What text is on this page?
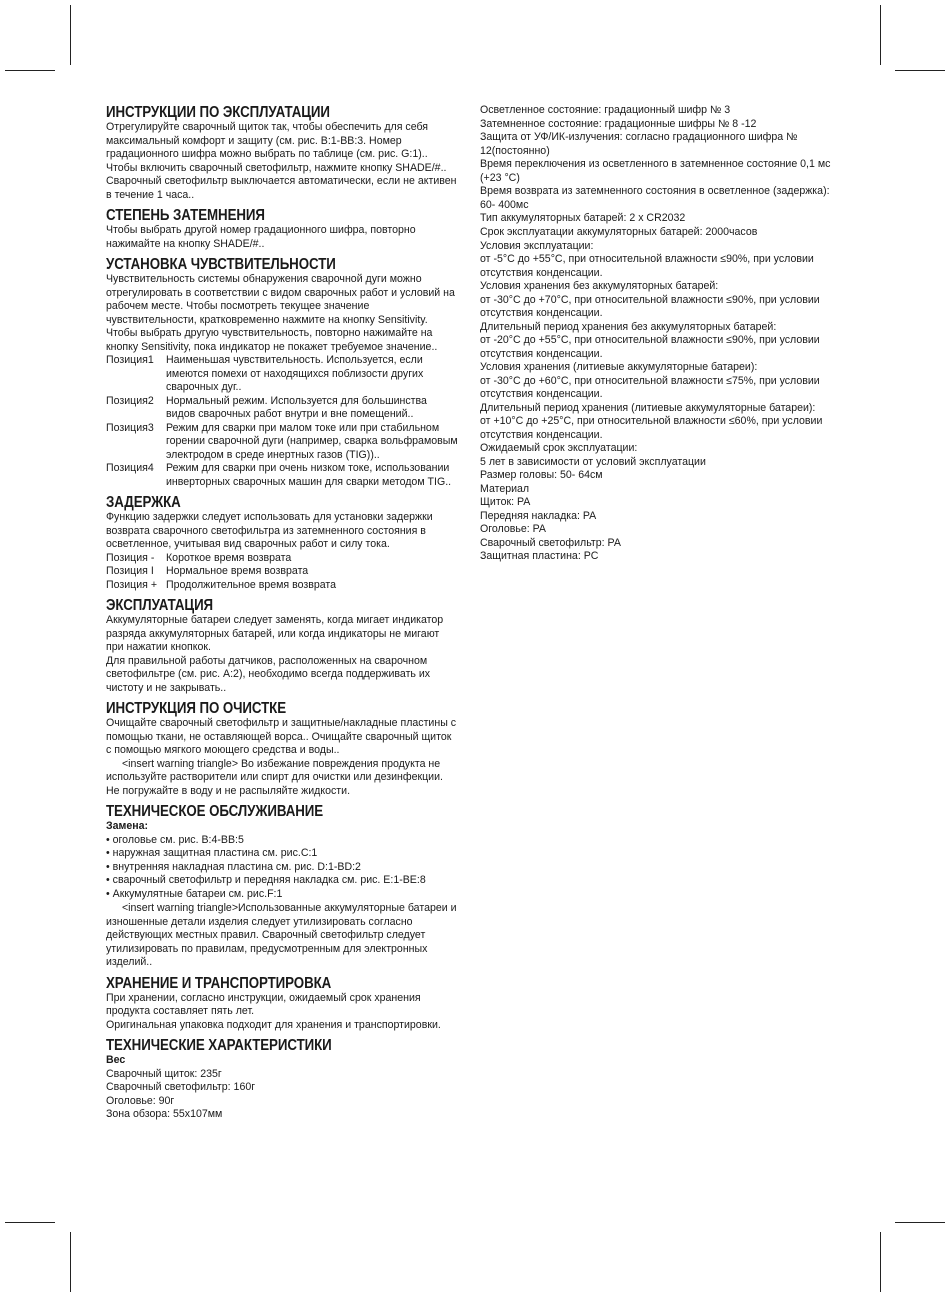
ИНСТРУКЦИИ ПО ЭКСПЛУАТАЦИИ

Отрегулируйте сварочный щиток так, чтобы обеспечить для себя максимальный комфорт и защиту (см. рис. B:1-BB:3. Номер градационного шифра можно выбрать по таблице (см. рис. G:1).. Чтобы включить сварочный светофильтр, нажмите кнопку SHADE/#..

Сварочный светофильтр выключается автоматически, если не активен в течение 1 часа..

СТЕПЕНЬ ЗАТЕМНЕНИЯ

Чтобы выбрать другой номер градационного шифра, повторно нажимайте на кнопку SHADE/#..

УСТАНОВКА ЧУВСТВИТЕЛЬНОСТИ

Чувствительность системы обнаружения сварочной дуги можно отрегулировать в соответствии с видом сварочных работ и условий на рабочем месте. Чтобы посмотреть текущее значение чувствительности, кратковременно нажмите на кнопку Sensitivity. Чтобы выбрать другую чувствительность, повторно нажимайте на кнопку Sensitivity, пока индикатор не покажет требуемое значение..

Позиция1	Наименьшая чувствительность. Используется, если имеются помехи от находящихся поблизости других сварочных дуг..
Позиция2	Нормальный режим. Используется для большинства видов сварочных работ внутри и вне помещений..
Позиция3	Режим для сварки при малом токе или при стабильном горении сварочной дуги (например, сварка вольфрамовым электродом в среде инертных газов (TIG))..
Позиция4	Режим для сварки при очень низком токе, использовании инверторных сварочных машин для сварки методом TIG..
ЗАДЕРЖКА

Функцию задержки следует использовать для установки задержки возврата сварочного светофильтра из затемненного состояния в осветленное, учитывая вид сварочных работ и силу тока.

Позиция -	Короткое время возврата
Позиция I	Нормальное время возврата
Позиция + Продолжительное время возврата
ЭКСПЛУАТАЦИЯ

Аккумуляторные батареи следует заменять, когда мигает индикатор разряда аккумуляторных батарей, или когда индикаторы не мигают при нажатии кнопкок.

Для правильной работы датчиков, расположенных на сварочном светофильтре (см. рис. A:2), необходимо всегда поддерживать их чистоту и не закрывать..

ИНСТРУКЦИЯ ПО ОЧИСТКЕ

Очищайте сварочный светофильтр и защитные/накладные пластины с помощью ткани, не оставляющей ворса.. Очищайте сварочный щиток с помощью мягкого моющего средства и воды..

<insert warning triangle> Во избежание повреждения продукта не используйте растворители или спирт для очистки или дезинфекции. Не погружайте в воду и не распыляйте жидкости.

ТЕХНИЧЕСКОЕ ОБСЛУЖИВАНИЕ

Замена:

• оголовье см. рис. B:4-BB:5

• наружная защитная пластина см. рис.C:1

• внутренняя накладная пластина см. рис. D:1-BD:2

• сварочный светофильтр и передняя накладка см. рис. E:1-BE:8

• Аккумулятные батареи см. рис.F:1

<insert warning triangle>Использованные аккумуляторные батареи и изношенные детали изделия следует утилизировать согласно действующих местных правил. Сварочный светофильтр следует утилизировать по правилам, предусмотренным для электронных изделий..

ХРАНЕНИЕ И ТРАНСПОРТИРОВКА

При хранении, согласно инструкции, ожидаемый срок хранения продукта составляет пять лет.

Оригинальная упаковка подходит для хранения и транспортировки.

ТЕХНИЧЕСКИЕ ХАРАКТЕРИСТИКИ

Вес

Сварочный щиток: 235г

Сварочный светофильтр: 160г

Оголовье: 90г

Зона обзора: 55x107мм

Осветленное состояние: градационный шифр № 3

Затемненное состояние: градационные шифры № 8 -12

Защита от УФ/ИК-излучения: согласно градационного шифра № 12(постоянно)

Время переключения из осветленного в затемненное состояние 0,1 мс (+23 °C)

Время возврата из затемненного состояния в осветленное (задержка): 60- 400мс

Тип аккумуляторных батарей: 2 x CR2032

Срок эксплуатации аккумуляторных батарей: 2000часов

Условия эксплуатации:

от -5°C до +55°C, при относительной влажности ≤90%, при условии отсутствия конденсации.

Условия хранения без аккумуляторных батарей:

от -30°C до +70°C, при относительной влажности ≤90%, при условии отсутствия конденсации.

Длительный период хранения без аккумуляторных батарей:

от -20°C до +55°C, при относительной влажности ≤90%, при условии отсутствия конденсации.

Условия хранения (литиевые аккумуляторные батареи):

от -30°C до +60°C, при относительной влажности ≤75%, при условии отсутствия конденсации.

Длительный период хранения (литиевые аккумуляторные батареи):

от +10°C до +25°C, при относительной влажности ≤60%, при условии отсутствия конденсации.

Ожидаемый срок эксплуатации:

5 лет в зависимости от условий эксплуатации

Размер головы: 50- 64см

Материал

Щиток: PA

Передняя накладка: PA

Оголовье: PA

Сварочный светофильтр: PA

Защитная пластина: PC
